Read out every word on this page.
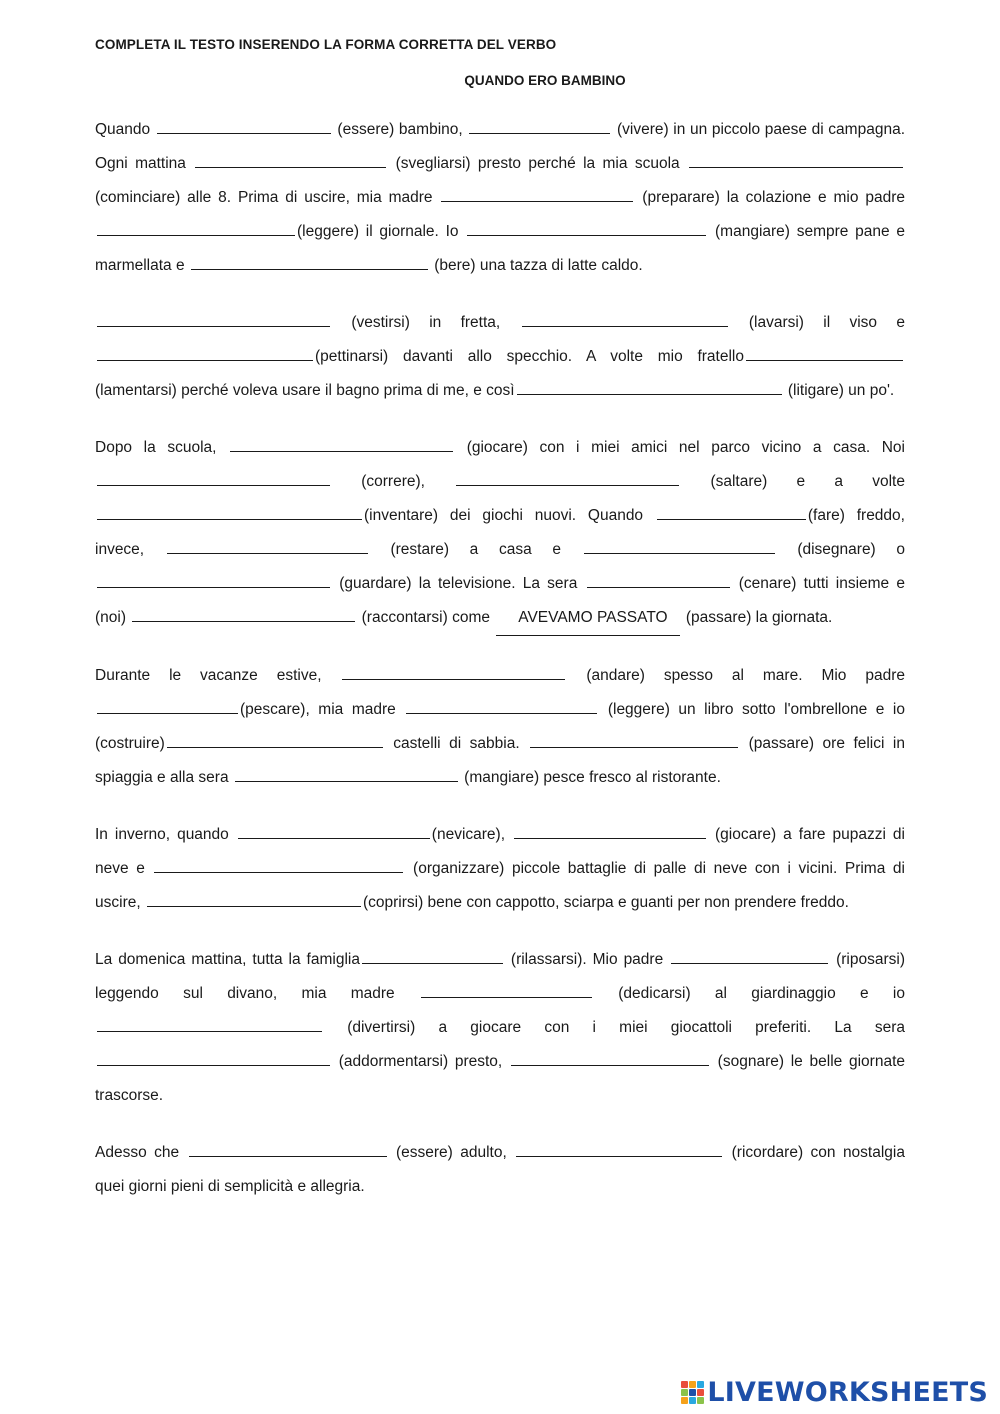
COMPLETA IL TESTO INSERENDO LA FORMA CORRETTA DEL VERBO
QUANDO ERO BAMBINO

Quando	(essere) bambino,	(vivere) in un piccolo paese di campagna. Ogni mattina	(svegliarsi) presto perché la mia scuola  (cominciare) alle 8. Prima di uscire, mia madre	(preparare) la colazione e mio padre (leggere) il giornale. Io	(mangiare) sempre pane e marmellata e	(bere) una tazza di latte caldo.

(vestirsi) in fretta,	(lavarsi) il viso e (pettinarsi) davanti allo specchio. A volte mio fratello (lamentarsi) perché voleva usare il bagno prima di me, e così	(litigare) un po'.

Dopo la scuola,	(giocare) con i miei amici nel parco vicino a casa. Noi  (correre),	(saltare) e a volte (inventare) dei giochi nuovi. Quando	(fare) freddo, invece,	(restare) a casa e	(disegnare) o  (guardare) la televisione. La sera	(cenare) tutti insieme e (noi)	(raccontarsi) come AVEVAMO PASSATO (passare) la giornata.

Durante le vacanze estive,	(andare) spesso al mare. Mio padre (pescare), mia madre	(leggere) un libro sotto l'ombrellone e io (costruire)	castelli di sabbia.	(passare) ore felici in spiaggia e alla sera	(mangiare) pesce fresco al ristorante.

In inverno, quando	(nevicare),	(giocare) a fare pupazzi di neve e	(organizzare) piccole battaglie di palle di neve con i vicini. Prima di uscire,	(coprirsi) bene con cappotto, sciarpa e guanti per non prendere freddo.

La domenica mattina, tutta la famiglia	(rilassarsi). Mio padre	(riposarsi) leggendo sul divano, mia madre	(dedicarsi) al giardinaggio e io  (divertirsi) a giocare con i miei giocattoli preferiti. La sera  (addormentarsi) presto,	(sognare) le belle giornate trascorse.

Adesso che	(essere) adulto,	(ricordare) con nostalgia quei giorni pieni di semplicità e allegria.

LIVEWORKSHEETS
